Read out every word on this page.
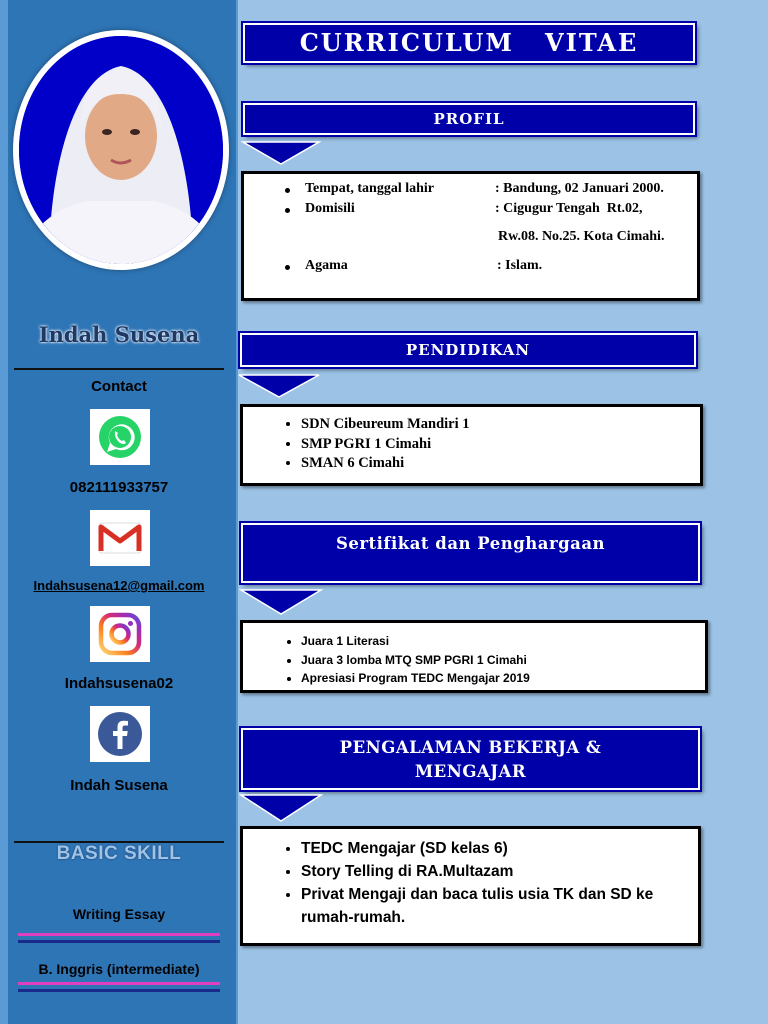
Indah Susena
Contact
082111933757
Indahsusena12@gmail.com
Indahsusena02
Indah Susena
BASIC SKILL
Writing Essay
B. Inggris (intermediate)
CURRICULUM   VITAE
PROFIL
Tempat, tanggal lahir	: Bandung, 02 Januari 2000.
Domisili	: Cigugur Tengah  Rt.02,
Rw.08. No.25. Kota Cimahi.
Agama	: Islam.
PENDIDIKAN
• SDN Cibeureum Mandiri 1
• SMP PGRI 1 Cimahi
• SMAN 6 Cimahi
Sertifikat dan Penghargaan
• Juara 1 Literasi
• Juara 3 lomba MTQ SMP PGRI 1 Cimahi
• Apresiasi Program TEDC Mengajar 2019
PENGALAMAN BEKERJA &
MENGAJAR
• TEDC Mengajar (SD kelas 6)
• Story Telling di RA.Multazam
• Privat Mengaji dan baca tulis usia TK dan SD ke rumah-rumah.
